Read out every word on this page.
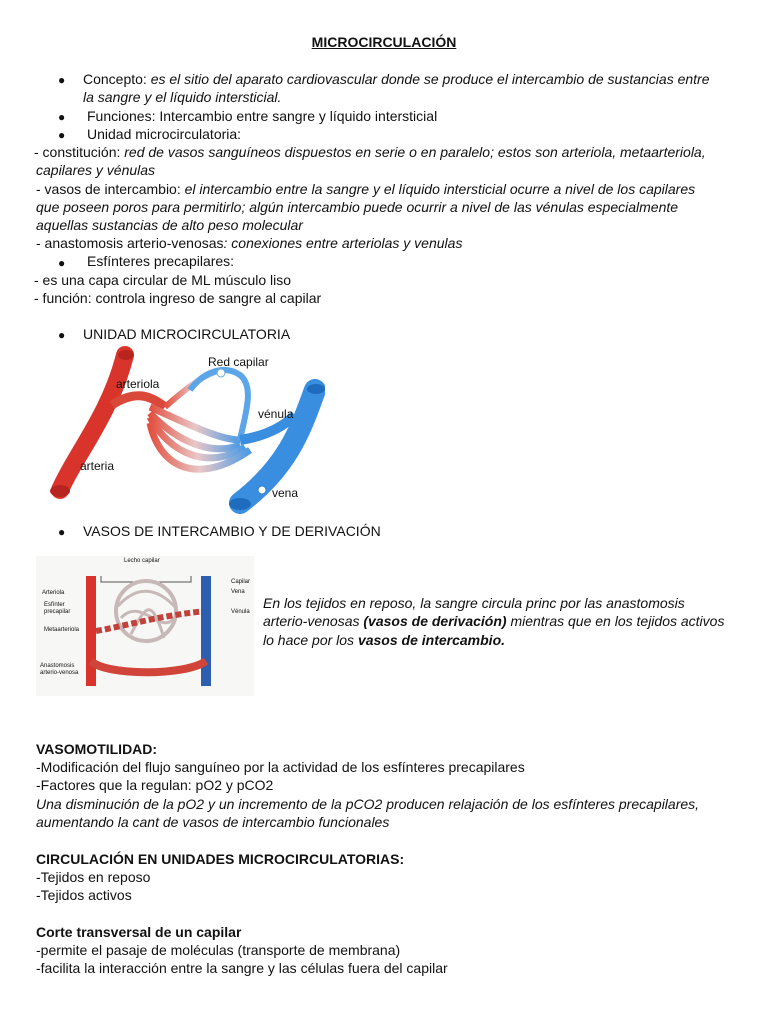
MICROCIRCULACIÓN
● Concepto: es el sitio del aparato cardiovascular donde se produce el intercambio de sustancias entre
la sangre y el líquido intersticial.
● Funciones: Intercambio entre sangre y líquido intersticial
● Unidad microcirculatoria:
- constitución: red de vasos sanguíneos dispuestos en serie o en paralelo; estos son arteriola, metaarteriola,
capilares y vénulas
- vasos de intercambio: el intercambio entre la sangre y el líquido intersticial ocurre a nivel de los capilares
que poseen poros para permitirlo; algún intercambio puede ocurrir a nivel de las vénulas especialmente
aquellas sustancias de alto peso molecular
- anastomosis arterio-venosas: conexiones entre arteriolas y venulas
● Esfínteres precapilares:
- es una capa circular de ML músculo liso
- función: controla ingreso de sangre al capilar
● UNIDAD MICROCIRCULATORIA
Red capilar
arteriola
vénula
arteria
vena
● VASOS DE INTERCAMBIO Y DE DERIVACIÓN
Lecho capilar
Arteriola
Esfínter
precapilar
Metaarteriola
Anastomosis
arterio-venosa
Capilar
Vena
Vénula
En los tejidos en reposo, la sangre circula princ por las anastomosis
arterio-venosas (vasos de derivación) mientras que en los tejidos activos
lo hace por los vasos de intercambio.
VASOMOTILIDAD:
-Modificación del flujo sanguíneo por la actividad de los esfínteres precapilares
-Factores que la regulan: pO2 y pCO2
Una disminución de la pO2 y un incremento de la pCO2 producen relajación de los esfínteres precapilares,
aumentando la cant de vasos de intercambio funcionales
CIRCULACIÓN EN UNIDADES MICROCIRCULATORIAS:
-Tejidos en reposo
-Tejidos activos
Corte transversal de un capilar
-permite el pasaje de moléculas (transporte de membrana)
-facilita la interacción entre la sangre y las células fuera del capilar
